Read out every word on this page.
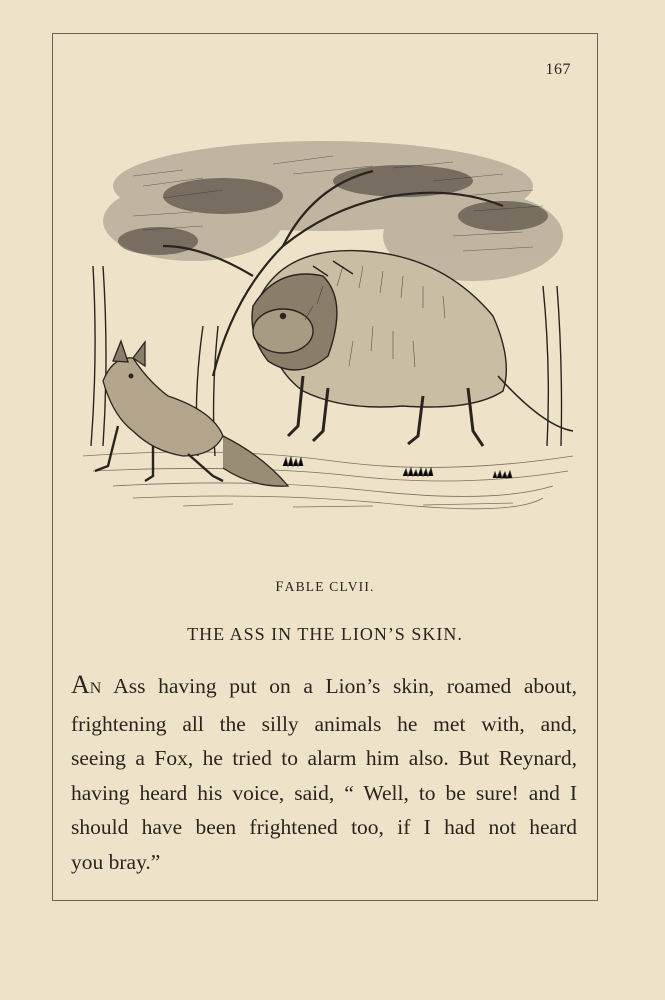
167
FABLE CLVII.
THE ASS IN THE LION’S SKIN.
AN Ass having put on a Lion’s skin, roamed about,
frightening all the silly animals he met with, and,
seeing a Fox, he tried to alarm him also. But Reynard,
having heard his voice, said, “ Well, to be sure! and I
should have been frightened too, if I had not heard
you bray.”
